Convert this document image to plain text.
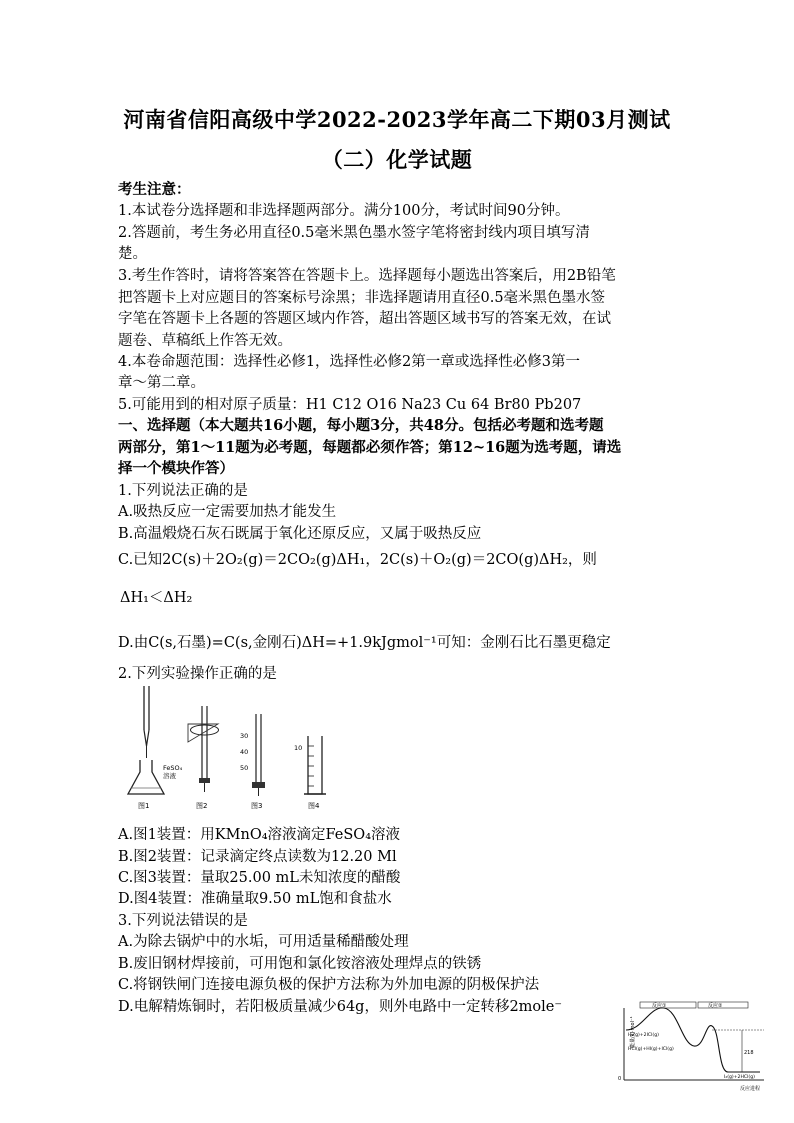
河南省信阳高级中学2022-2023学年高二下期03月测试
（二）化学试题
考生注意：
1.本试卷分选择题和非选择题两部分。满分100分，考试时间90分钟。
2.答题前，考生务必用直径0.5毫米黑色墨水签字笔将密封线内项目填写清
楚。
3.考生作答时，请将答案答在答题卡上。选择题每小题选出答案后，用2B铅笔
把答题卡上对应题目的答案标号涂黑；非选择题请用直径0.5毫米黑色墨水签
字笔在答题卡上各题的答题区域内作答，超出答题区域书写的答案无效，在试
题卷、草稿纸上作答无效。
4.本卷命题范围：选择性必修1，选择性必修2第一章或选择性必修3第一
章～第二章。
5.可能用到的相对原子质量：H1 C12 O16 Na23 Cu 64 Br80 Pb207
一、选择题（本大题共16小题，每小题3分，共48分。包括必考题和选考题
两部分，第1～11题为必考题，每题都必须作答；第12~16题为选考题，请选
择一个模块作答）
1.下列说法正确的是
A.吸热反应一定需要加热才能发生
B.高温煅烧石灰石既属于氧化还原反应，又属于吸热反应
C.已知2C(s)＋2O₂(g)＝2CO₂(g)ΔH₁，2C(s)＋O₂(g)＝2CO(g)ΔH₂，则
ΔH₁＜ΔH₂
D.由C(s,石墨)=C(s,金刚石)ΔH=+1.9kJgmol⁻¹可知：金刚石比石墨更稳定
2.下列实验操作正确的是
FeSO₄
溶液
图1	图2
30
40
50
图3
10
图4
A.图1装置：用KMnO₄溶液滴定FeSO₄溶液
B.图2装置：记录滴定终点读数为12.20 Ml
C.图3装置：量取25.00 mL未知浓度的醋酸
D.图4装置：准确量取9.50 mL饱和食盐水
3.下列说法错误的是
A.为除去锅炉中的水垢，可用适量稀醋酸处理
B.废旧钢材焊接前，可用饱和氯化铵溶液处理焊点的铁锈
C.将钢铁闸门连接电源负极的保护方法称为外加电源的阴极保护法
D.电解精炼铜时，若阳极质量减少64g，则外电路中一定转移2mole⁻
能量/kJ·mol⁻¹
0
反应进程
反应①	反应②
H₂(g)+2ICl(g)
HCl(g)+HI(g)+ICl(g)
I₂(g)+2HCl(g)
218
